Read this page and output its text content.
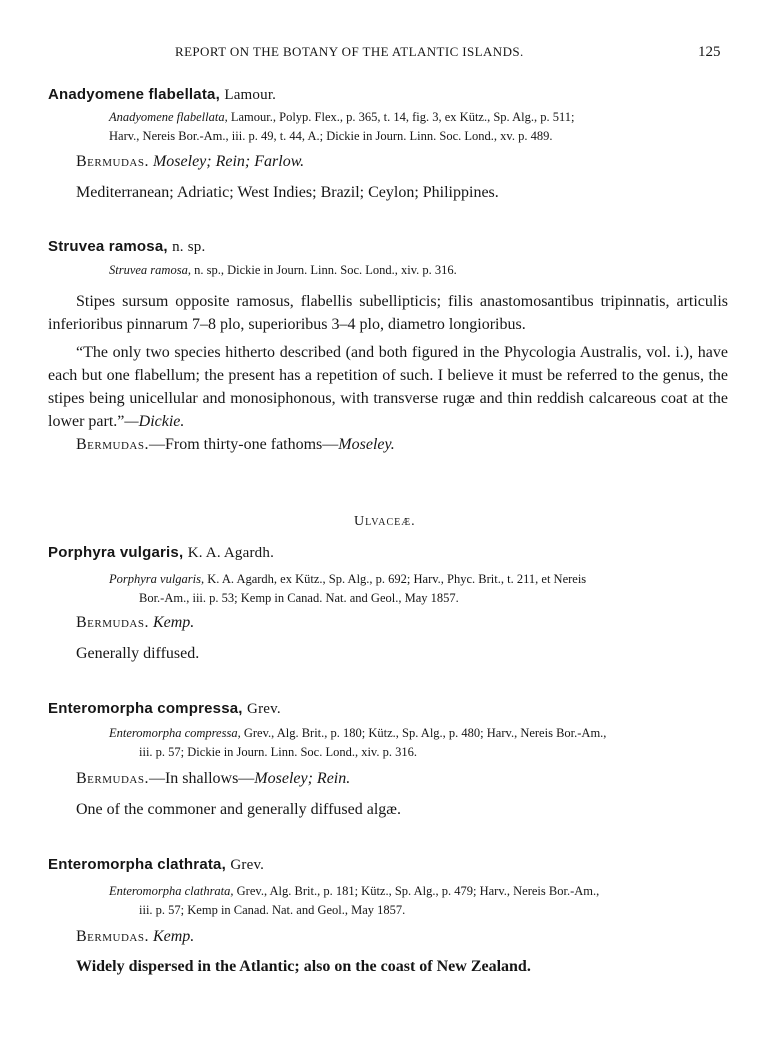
REPORT ON THE BOTANY OF THE ATLANTIC ISLANDS.	125
Anadyomene flabellata, Lamour.
Anadyomene flabellata, Lamour., Polyp. Flex., p. 365, t. 14, fig. 3, ex Kütz., Sp. Alg., p. 511;
Harv., Nereis Bor.-Am., iii. p. 49, t. 44, A.; Dickie in Journ. Linn. Soc. Lond., xv. p. 489.
Bermudas. Moseley; Rein; Farlow.
Mediterranean; Adriatic; West Indies; Brazil; Ceylon; Philippines.
Struvea ramosa, n. sp.
Struvea ramosa, n. sp., Dickie in Journ. Linn. Soc. Lond., xiv. p. 316.
Stipes sursum opposite ramosus, flabellis subellipticis; filis anastomosantibus tripinnatis, articulis inferioribus pinnarum 7–8 plo, superioribus 3–4 plo, diametro longioribus.
“The only two species hitherto described (and both figured in the Phycologia Australis, vol. i.), have each but one flabellum; the present has a repetition of such. I believe it must be referred to the genus, the stipes being unicellular and monosiphonous, with transverse rugæ and thin reddish calcareous coat at the lower part.”—Dickie.
Bermudas.—From thirty-one fathoms—Moseley.
Ulvaceæ.
Porphyra vulgaris, K. A. Agardh.
Porphyra vulgaris, K. A. Agardh, ex Kütz., Sp. Alg., p. 692; Harv., Phyc. Brit., t. 211, et Nereis
Bor.-Am., iii. p. 53; Kemp in Canad. Nat. and Geol., May 1857.
Bermudas. Kemp.
Generally diffused.
Enteromorpha compressa, Grev.
Enteromorpha compressa, Grev., Alg. Brit., p. 180; Kütz., Sp. Alg., p. 480; Harv., Nereis Bor.-Am.,
iii. p. 57; Dickie in Journ. Linn. Soc. Lond., xiv. p. 316.
Bermudas.—In shallows—Moseley; Rein.
One of the commoner and generally diffused algæ.
Enteromorpha clathrata, Grev.
Enteromorpha clathrata, Grev., Alg. Brit., p. 181; Kütz., Sp. Alg., p. 479; Harv., Nereis Bor.-Am.,
iii. p. 57; Kemp in Canad. Nat. and Geol., May 1857.
Bermudas. Kemp.
Widely dispersed in the Atlantic; also on the coast of New Zealand.
